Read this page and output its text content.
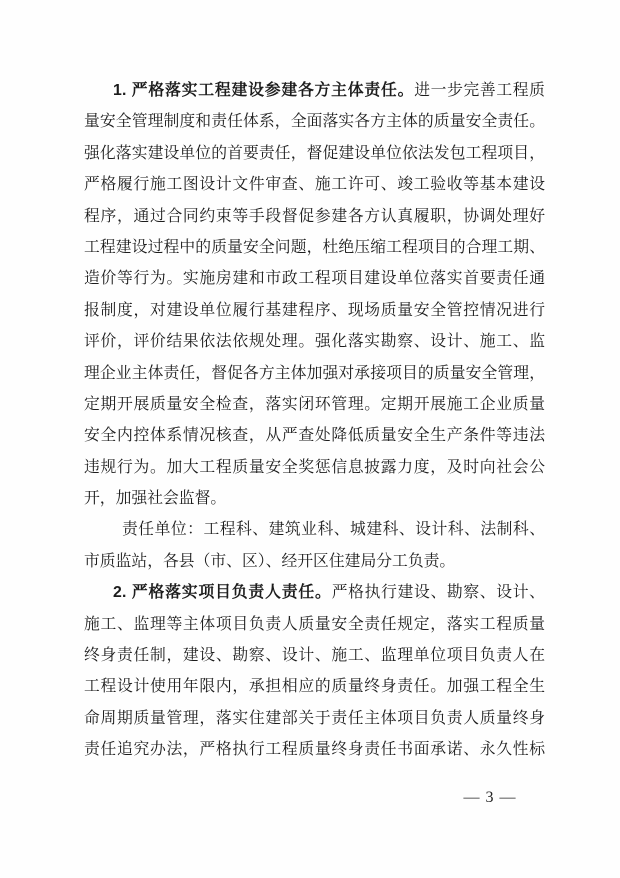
1. 严格落实工程建设参建各方主体责任。进一步完善工程质
量安全管理制度和责任体系，全面落实各方主体的质量安全责任。
强化落实建设单位的首要责任，督促建设单位依法发包工程项目，
严格履行施工图设计文件审查、施工许可、竣工验收等基本建设
程序，通过合同约束等手段督促参建各方认真履职，协调处理好
工程建设过程中的质量安全问题，杜绝压缩工程项目的合理工期、
造价等行为。实施房建和市政工程项目建设单位落实首要责任通
报制度，对建设单位履行基建程序、现场质量安全管控情况进行
评价，评价结果依法依规处理。强化落实勘察、设计、施工、监
理企业主体责任，督促各方主体加强对承接项目的质量安全管理，
定期开展质量安全检查，落实闭环管理。定期开展施工企业质量
安全内控体系情况核查，从严查处降低质量安全生产条件等违法
违规行为。加大工程质量安全奖惩信息披露力度，及时向社会公
开，加强社会监督。
责任单位：工程科、建筑业科、城建科、设计科、法制科、
市质监站，各县（市、区）、经开区住建局分工负责。
2. 严格落实项目负责人责任。严格执行建设、勘察、设计、
施工、监理等主体项目负责人质量安全责任规定，落实工程质量
终身责任制，建设、勘察、设计、施工、监理单位项目负责人在
工程设计使用年限内，承担相应的质量终身责任。加强工程全生
命周期质量管理，落实住建部关于责任主体项目负责人质量终身
责任追究办法，严格执行工程质量终身责任书面承诺、永久性标
— 3 —
